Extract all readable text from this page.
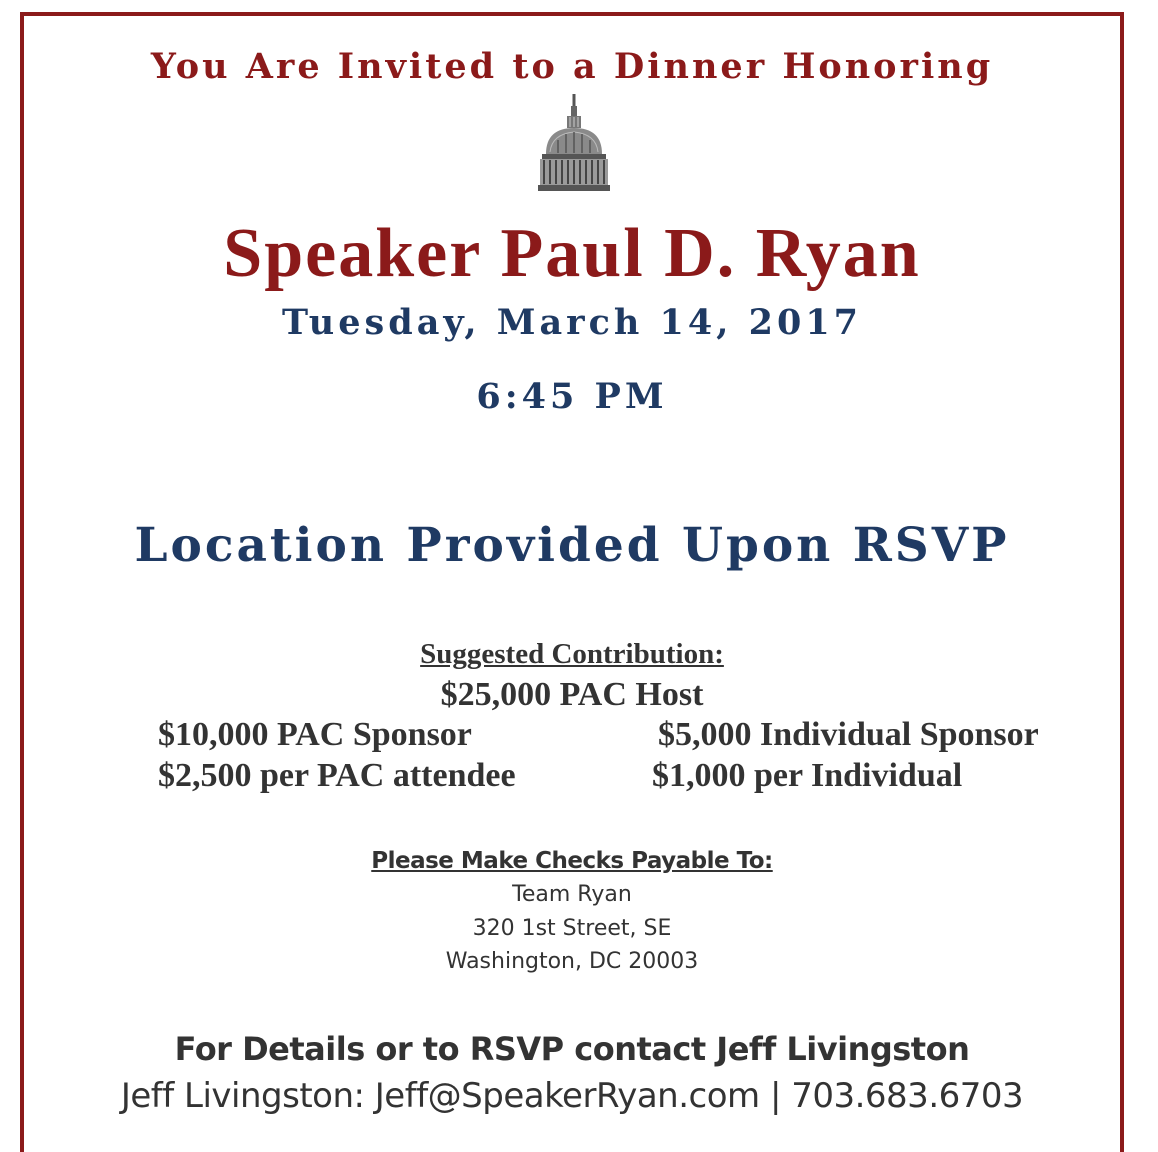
You Are Invited to a Dinner Honoring
Speaker Paul D. Ryan
Tuesday, March 14, 2017
6:45 PM
Location Provided Upon RSVP
Suggested Contribution:
$25,000 PAC Host
$10,000 PAC Sponsor	$5,000 Individual Sponsor
$2,500 per PAC attendee	$1,000 per Individual
Please Make Checks Payable To:
Team Ryan
320 1st Street, SE
Washington, DC 20003
For Details or to RSVP contact Jeff Livingston
Jeff Livingston: Jeff@SpeakerRyan.com | 703.683.6703
